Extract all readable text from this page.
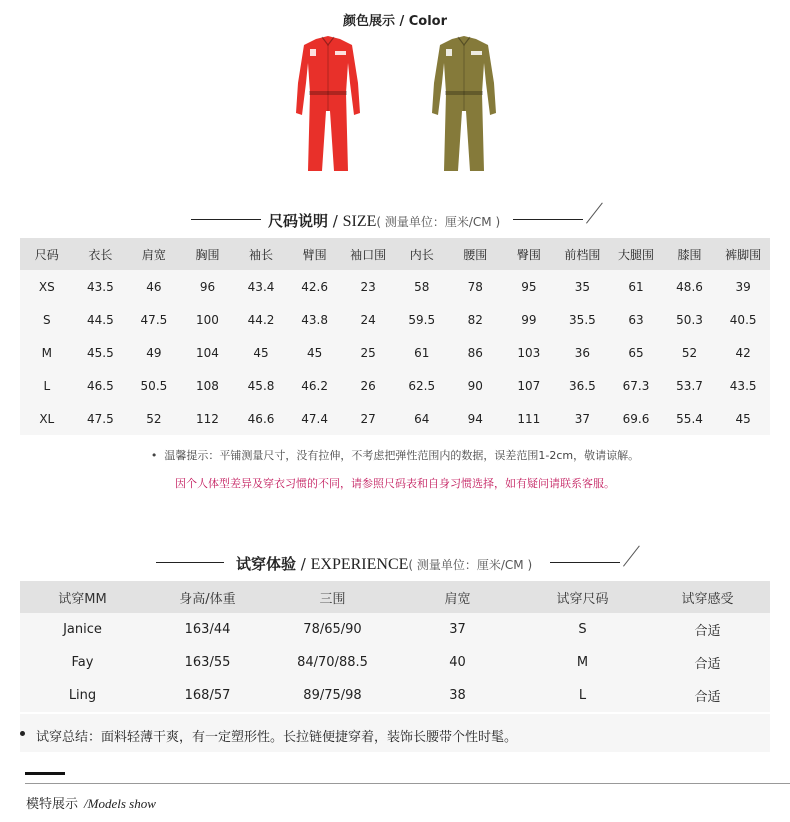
颜色展示 / Color
尺码说明 / SIZE( 测量单位：厘米/CM )
尺码	衣长	肩宽	胸围	袖长	臂围	袖口围	内长	腰围	臀围	前档围	大腿围	膝围	裤脚围
XS	43.5	46	96	43.4	42.6	23	58	78	95	35	61	48.6	39
S	44.5	47.5	100	44.2	43.8	24	59.5	82	99	35.5	63	50.3	40.5
M	45.5	49	104	45	45	25	61	86	103	36	65	52	42
L	46.5	50.5	108	45.8	46.2	26	62.5	90	107	36.5	67.3	53.7	43.5
XL	47.5	52	112	46.6	47.4	27	64	94	111	37	69.6	55.4	45
•  温馨提示：平铺测量尺寸，没有拉伸，不考虑把弹性范围内的数据，误差范围1-2cm，敬请谅解。
因个人体型差异及穿衣习惯的不同，请参照尺码表和自身习惯选择，如有疑问请联系客服。
试穿体验 / EXPERIENCE( 测量单位：厘米/CM )
试穿MM	身高/体重	三围	肩宽	试穿尺码	试穿感受
Janice	163/44	78/65/90	37	S	合适
Fay	163/55	84/70/88.5	40	M	合适
Ling	168/57	89/75/98	38	L	合适
试穿总结：面料轻薄干爽，有一定塑形性。长拉链便捷穿着，装饰长腰带个性时髦。
模特展示 /Models show
